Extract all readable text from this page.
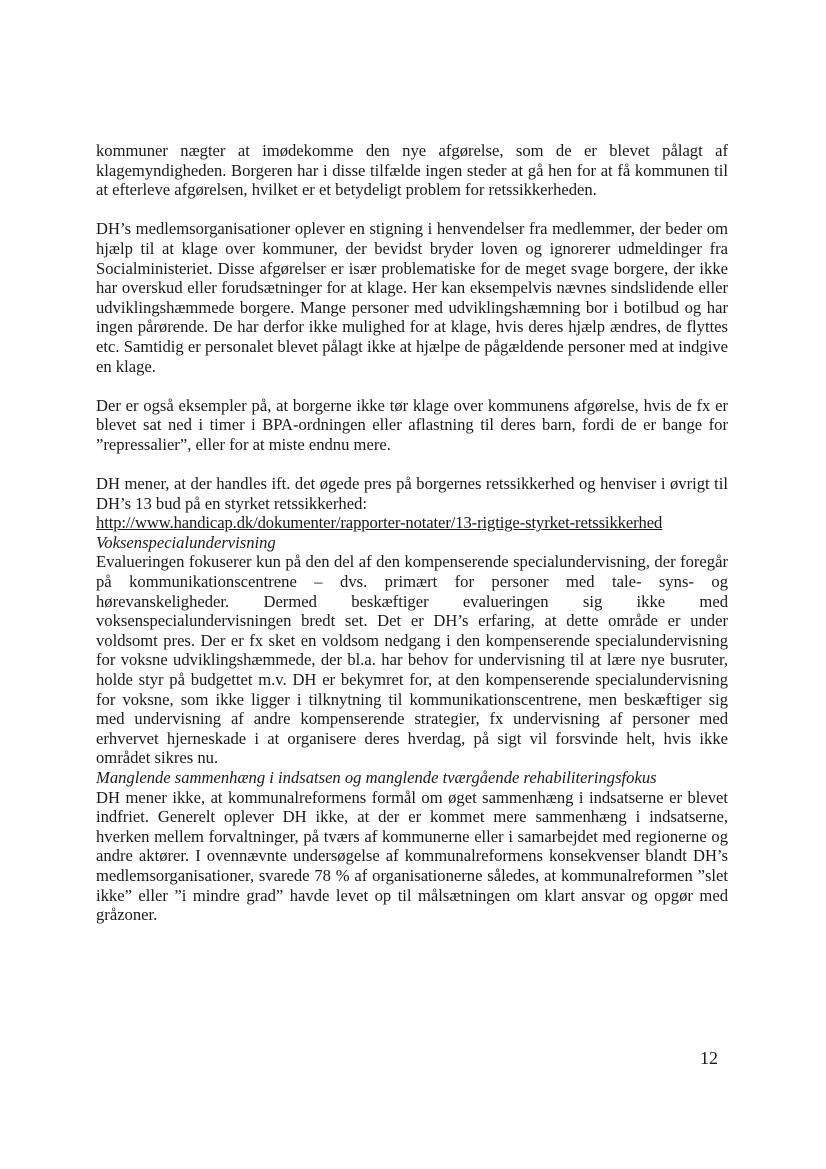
kommuner nægter at imødekomme den nye afgørelse, som de er blevet pålagt af klagemyndigheden. Borgeren har i disse tilfælde ingen steder at gå hen for at få kommunen til at efterleve afgørelsen, hvilket er et betydeligt problem for retssikkerheden.

DH’s medlemsorganisationer oplever en stigning i henvendelser fra medlemmer, der beder om hjælp til at klage over kommuner, der bevidst bryder loven og ignorerer udmeldinger fra Socialministeriet. Disse afgørelser er især problematiske for de meget svage borgere, der ikke har overskud eller forudsætninger for at klage. Her kan eksempelvis nævnes sindslidende eller udviklingshæmmede borgere. Mange personer med udviklingshæmning bor i botilbud og har ingen pårørende. De har derfor ikke mulighed for at klage, hvis deres hjælp ændres, de flyttes etc. Samtidig er personalet blevet pålagt ikke at hjælpe de pågældende personer med at indgive en klage.

Der er også eksempler på, at borgerne ikke tør klage over kommunens afgørelse, hvis de fx er blevet sat ned i timer i BPA-ordningen eller aflastning til deres barn, fordi de er bange for ”repressalier”, eller for at miste endnu mere.

DH mener, at der handles ift. det øgede pres på borgernes retssikkerhed og henviser i øvrigt til DH’s 13 bud på en styrket retssikkerhed:
http://www.handicap.dk/dokumenter/rapporter-notater/13-rigtige-styrket-retssikkerhed

Voksenspecialundervisning

Evalueringen fokuserer kun på den del af den kompenserende specialundervisning, der foregår på kommunikationscentrene – dvs. primært for personer med tale- syns- og hørevanskeligheder. Dermed beskæftiger evalueringen sig ikke med voksenspecialundervisningen bredt set. Det er DH’s erfaring, at dette område er under voldsomt pres. Der er fx sket en voldsom nedgang i den kompenserende specialundervisning for voksne udviklingshæmmede, der bl.a. har behov for undervisning til at lære nye busruter, holde styr på budgettet m.v. DH er bekymret for, at den kompenserende specialundervisning for voksne, som ikke ligger i tilknytning til kommunikationscentrene, men beskæftiger sig med undervisning af andre kompenserende strategier, fx undervisning af personer med erhvervet hjerneskade i at organisere deres hverdag, på sigt vil forsvinde helt, hvis ikke området sikres nu.

Manglende sammenhæng i indsatsen og manglende tværgående rehabiliteringsfokus

DH mener ikke, at kommunalreformens formål om øget sammenhæng i indsatserne er blevet indfriet. Generelt oplever DH ikke, at der er kommet mere sammenhæng i indsatserne, hverken mellem forvaltninger, på tværs af kommunerne eller i samarbejdet med regionerne og andre aktører. I ovennævnte undersøgelse af kommunalreformens konsekvenser blandt DH’s medlemsorganisationer, svarede 78 % af organisationerne således, at kommunalreformen ”slet ikke” eller ”i mindre grad” havde levet op til målsætningen om klart ansvar og opgør med gråzoner.

12
